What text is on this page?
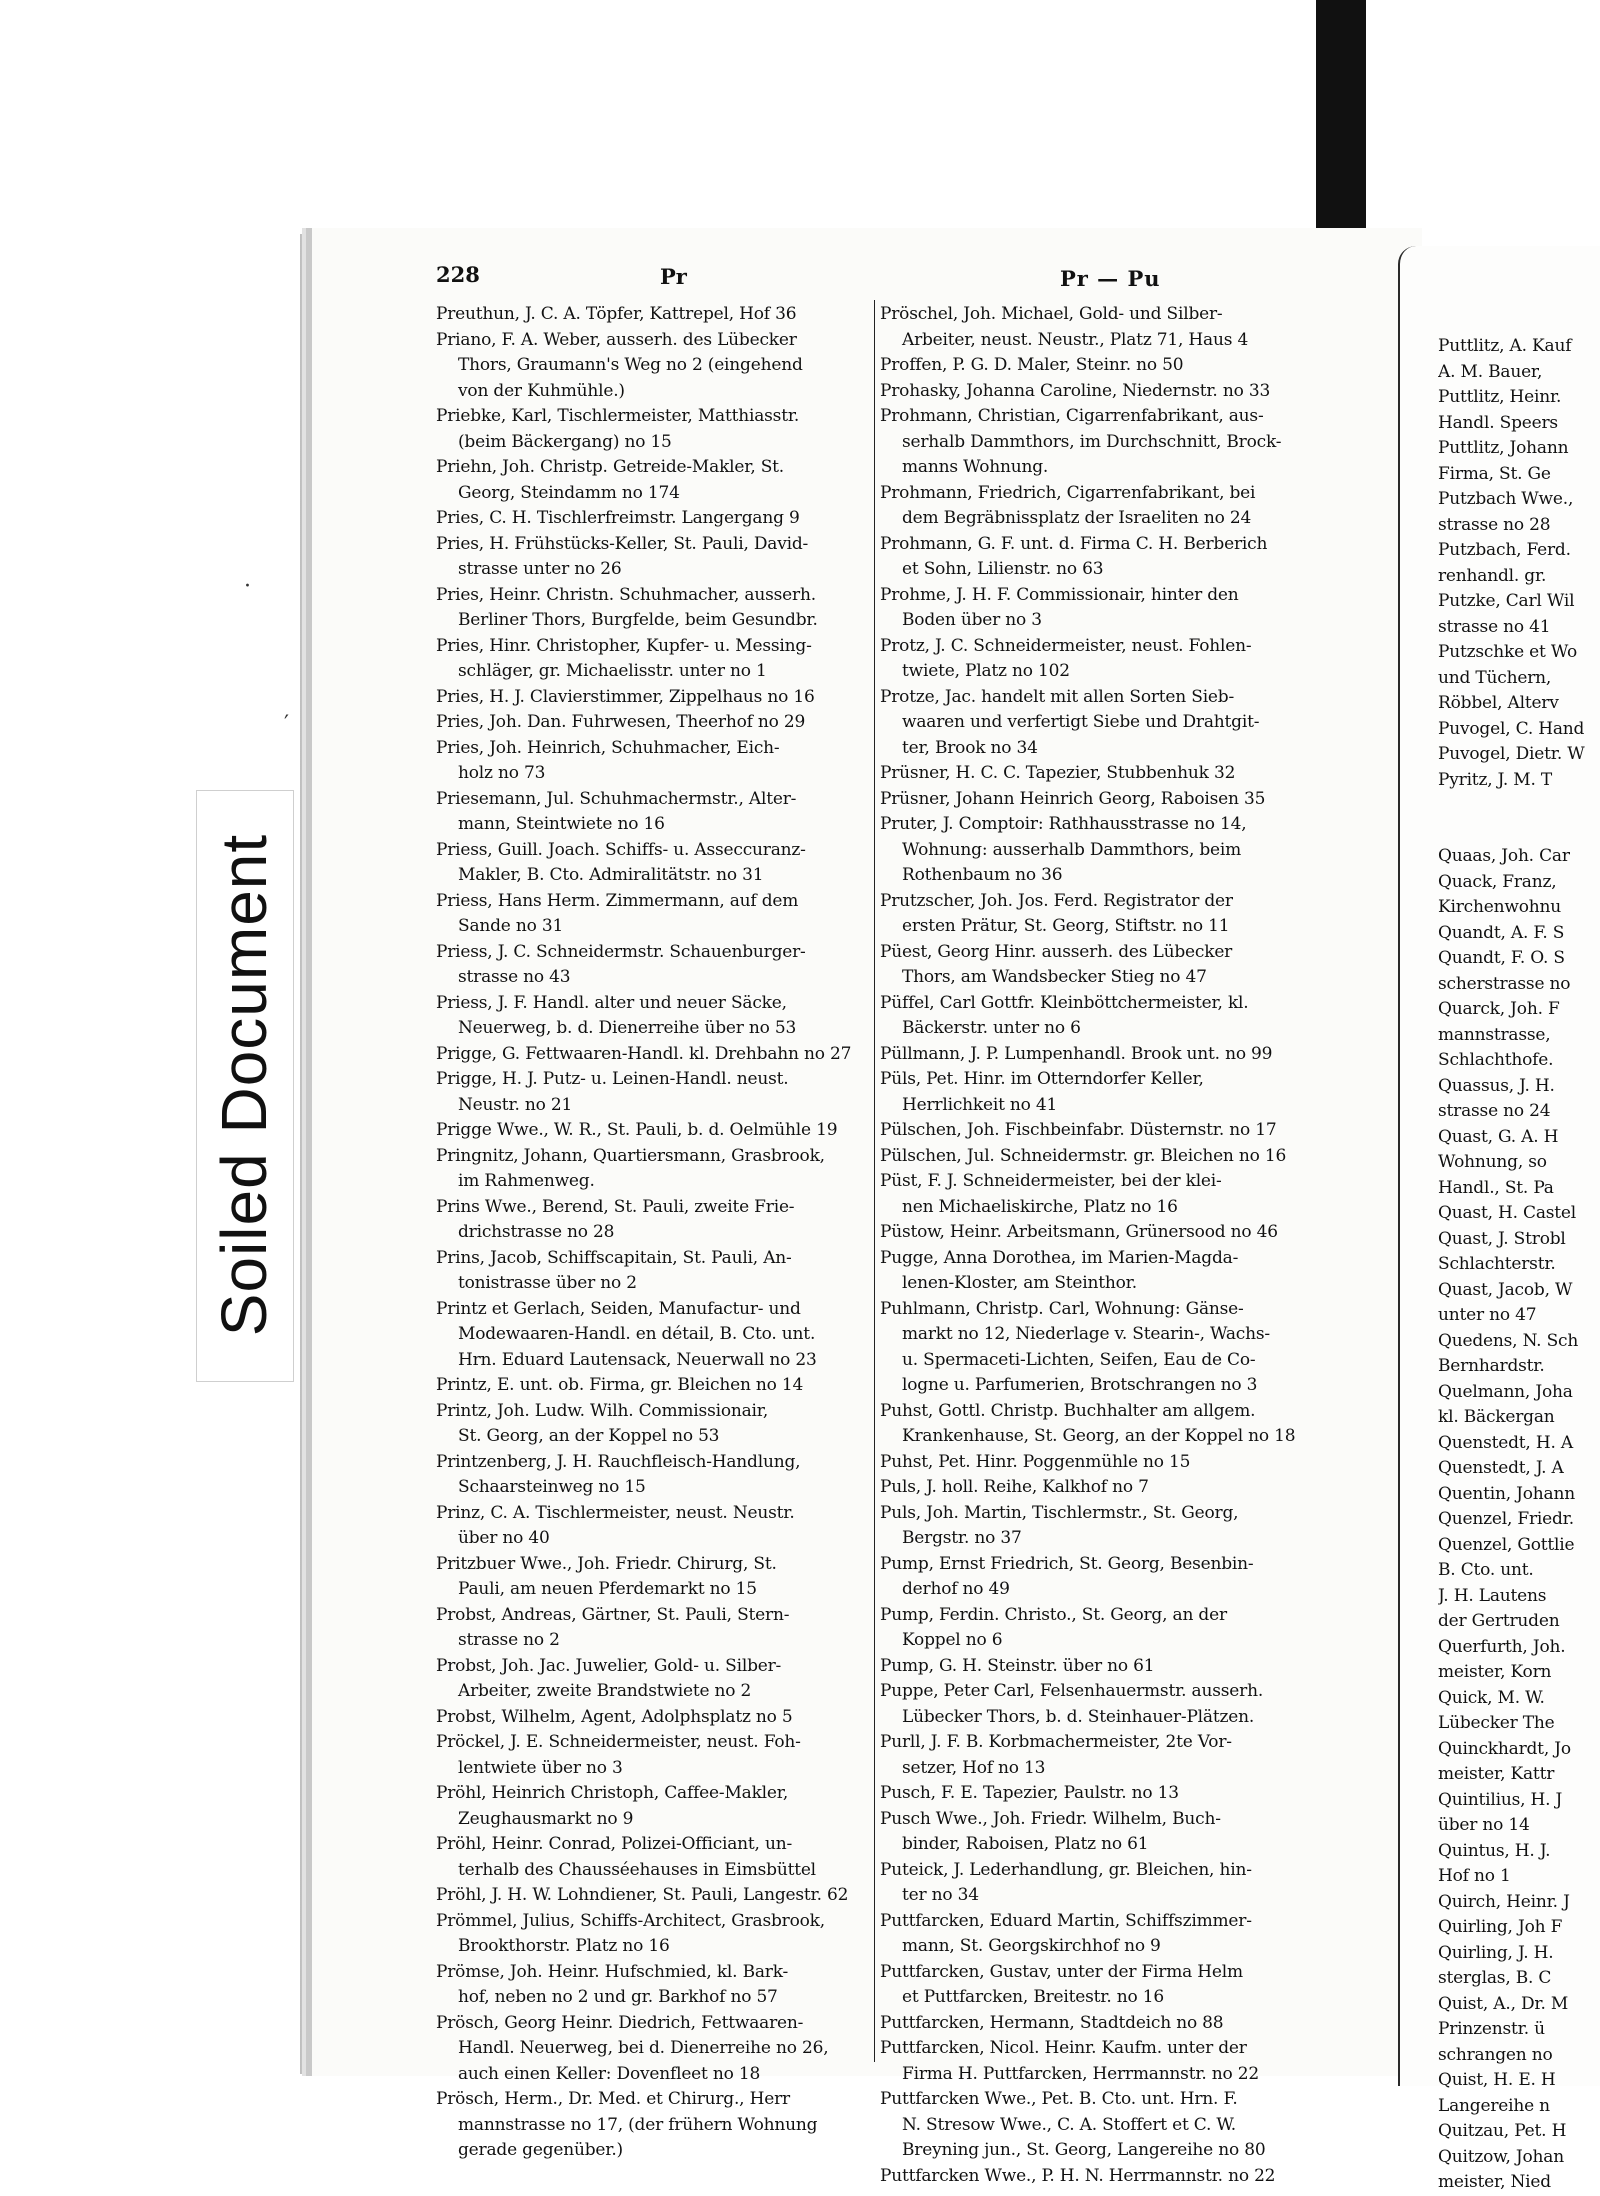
Soiled Document
228	Pr	Pr — Pu
Preuthun, J. C. A. Töpfer, Kattrepel, Hof 36
Priano, F. A. Weber, ausserh. des Lübecker
Thors, Graumann's Weg no 2 (eingehend
von der Kuhmühle.)
Priebke, Karl, Tischlermeister, Matthiasstr.
(beim Bäckergang) no 15
Priehn, Joh. Christp. Getreide-Makler, St.
Georg, Steindamm no 174
Pries, C. H. Tischlerfreimstr. Langergang 9
Pries, H. Frühstücks-Keller, St. Pauli, David-
strasse unter no 26
Pries, Heinr. Christn. Schuhmacher, ausserh.
Berliner Thors, Burgfelde, beim Gesundbr.
Pries, Hinr. Christopher, Kupfer- u. Messing-
schläger, gr. Michaelisstr. unter no 1
Pries, H. J. Clavierstimmer, Zippelhaus no 16
Pries, Joh. Dan. Fuhrwesen, Theerhof no 29
Pries, Joh. Heinrich, Schuhmacher, Eich-
holz no 73
Priesemann, Jul. Schuhmachermstr., Alter-
mann, Steintwiete no 16
Priess, Guill. Joach. Schiffs- u. Asseccuranz-
Makler, B. Cto. Admiralitätstr. no 31
Priess, Hans Herm. Zimmermann, auf dem
Sande no 31
Priess, J. C. Schneidermstr. Schauenburger-
strasse no 43
Priess, J. F. Handl. alter und neuer Säcke,
Neuerweg, b. d. Dienerreihe über no 53
Prigge, G. Fettwaaren-Handl. kl. Drehbahn no 27
Prigge, H. J. Putz- u. Leinen-Handl. neust.
Neustr. no 21
Prigge Wwe., W. R., St. Pauli, b. d. Oelmühle 19
Pringnitz, Johann, Quartiersmann, Grasbrook,
im Rahmenweg.
Prins Wwe., Berend, St. Pauli, zweite Frie-
drichstrasse no 28
Prins, Jacob, Schiffscapitain, St. Pauli, An-
tonistrasse über no 2
Printz et Gerlach, Seiden, Manufactur- und
Modewaaren-Handl. en détail, B. Cto. unt.
Hrn. Eduard Lautensack, Neuerwall no 23
Printz, E. unt. ob. Firma, gr. Bleichen no 14
Printz, Joh. Ludw. Wilh. Commissionair,
St. Georg, an der Koppel no 53
Printzenberg, J. H. Rauchfleisch-Handlung,
Schaarsteinweg no 15
Prinz, C. A. Tischlermeister, neust. Neustr.
über no 40
Pritzbuer Wwe., Joh. Friedr. Chirurg, St.
Pauli, am neuen Pferdemarkt no 15
Probst, Andreas, Gärtner, St. Pauli, Stern-
strasse no 2
Probst, Joh. Jac. Juwelier, Gold- u. Silber-
Arbeiter, zweite Brandstwiete no 2
Probst, Wilhelm, Agent, Adolphsplatz no 5
Pröckel, J. E. Schneidermeister, neust. Foh-
lentwiete über no 3
Pröhl, Heinrich Christoph, Caffee-Makler,
Zeughausmarkt no 9
Pröhl, Heinr. Conrad, Polizei-Officiant, un-
terhalb des Chausséehauses in Eimsbüttel
Pröhl, J. H. W. Lohndiener, St. Pauli, Langestr. 62
Prömmel, Julius, Schiffs-Architect, Grasbrook,
Brookthorstr. Platz no 16
Prömse, Joh. Heinr. Hufschmied, kl. Bark-
hof, neben no 2 und gr. Barkhof no 57
Prösch, Georg Heinr. Diedrich, Fettwaaren-
Handl. Neuerweg, bei d. Dienerreihe no 26,
auch einen Keller: Dovenfleet no 18
Prösch, Herm., Dr. Med. et Chirurg., Herr
mannstrasse no 17, (der frühern Wohnung
gerade gegenüber.)
Pröschel, Joh. Michael, Gold- und Silber-
Arbeiter, neust. Neustr., Platz 71, Haus 4
Proffen, P. G. D. Maler, Steinr. no 50
Prohasky, Johanna Caroline, Niedernstr. no 33
Prohmann, Christian, Cigarrenfabrikant, aus-
serhalb Dammthors, im Durchschnitt, Brock-
manns Wohnung.
Prohmann, Friedrich, Cigarrenfabrikant, bei
dem Begräbnissplatz der Israeliten no 24
Prohmann, G. F. unt. d. Firma C. H. Berberich
et Sohn, Lilienstr. no 63
Prohme, J. H. F. Commissionair, hinter den
Boden über no 3
Protz, J. C. Schneidermeister, neust. Fohlen-
twiete, Platz no 102
Protze, Jac. handelt mit allen Sorten Sieb-
waaren und verfertigt Siebe und Drahtgit-
ter, Brook no 34
Prüsner, H. C. C. Tapezier, Stubbenhuk 32
Prüsner, Johann Heinrich Georg, Raboisen 35
Pruter, J. Comptoir: Rathhausstrasse no 14,
Wohnung: ausserhalb Dammthors, beim
Rothenbaum no 36
Prutzscher, Joh. Jos. Ferd. Registrator der
ersten Prätur, St. Georg, Stiftstr. no 11
Püest, Georg Hinr. ausserh. des Lübecker
Thors, am Wandsbecker Stieg no 47
Püffel, Carl Gottfr. Kleinböttchermeister, kl.
Bäckerstr. unter no 6
Püllmann, J. P. Lumpenhandl. Brook unt. no 99
Püls, Pet. Hinr. im Otterndorfer Keller,
Herrlichkeit no 41
Pülschen, Joh. Fischbeinfabr. Düsternstr. no 17
Pülschen, Jul. Schneidermstr. gr. Bleichen no 16
Püst, F. J. Schneidermeister, bei der klei-
nen Michaeliskirche, Platz no 16
Püstow, Heinr. Arbeitsmann, Grünersood no 46
Pugge, Anna Dorothea, im Marien-Magda-
lenen-Kloster, am Steinthor.
Puhlmann, Christp. Carl, Wohnung: Gänse-
markt no 12, Niederlage v. Stearin-, Wachs-
u. Spermaceti-Lichten, Seifen, Eau de Co-
logne u. Parfumerien, Brotschrangen no 3
Puhst, Gottl. Christp. Buchhalter am allgem.
Krankenhause, St. Georg, an der Koppel no 18
Puhst, Pet. Hinr. Poggenmühle no 15
Puls, J. holl. Reihe, Kalkhof no 7
Puls, Joh. Martin, Tischlermstr., St. Georg,
Bergstr. no 37
Pump, Ernst Friedrich, St. Georg, Besenbin-
derhof no 49
Pump, Ferdin. Christo., St. Georg, an der
Koppel no 6
Pump, G. H. Steinstr. über no 61
Puppe, Peter Carl, Felsenhauermstr. ausserh.
Lübecker Thors, b. d. Steinhauer-Plätzen.
Purll, J. F. B. Korbmachermeister, 2te Vor-
setzer, Hof no 13
Pusch, F. E. Tapezier, Paulstr. no 13
Pusch Wwe., Joh. Friedr. Wilhelm, Buch-
binder, Raboisen, Platz no 61
Puteick, J. Lederhandlung, gr. Bleichen, hin-
ter no 34
Puttfarcken, Eduard Martin, Schiffszimmer-
mann, St. Georgskirchhof no 9
Puttfarcken, Gustav, unter der Firma Helm
et Puttfarcken, Breitestr. no 16
Puttfarcken, Hermann, Stadtdeich no 88
Puttfarcken, Nicol. Heinr. Kaufm. unter der
Firma H. Puttfarcken, Herrmannstr. no 22
Puttfarcken Wwe., Pet. B. Cto. unt. Hrn. F.
N. Stresow Wwe., C. A. Stoffert et C. W.
Breyning jun., St. Georg, Langereihe no 80
Puttfarcken Wwe., P. H. N. Herrmannstr. no 22
Puttlitz, A. Kauf
A. M. Bauer,
Puttlitz, Heinr.
Handl. Speers
Puttlitz, Johann
Firma, St. Ge
Putzbach Wwe.,
strasse no 28
Putzbach, Ferd.
renhandl. gr.
Putzke, Carl Wil
strasse no 41
Putzschke et Wo
und Tüchern,
Röbbel, Alterv
Puvogel, C. Hand
Puvogel, Dietr. W
Pyritz, J. M. T

Quaas, Joh. Car
Quack, Franz,
Kirchenwohnu
Quandt, A. F. S
Quandt, F. O. S
scherstrasse no
Quarck, Joh. F
mannstrasse,
Schlachthofe.
Quassus, J. H.
strasse no 24
Quast, G. A. H
Wohnung, so
Handl., St. Pa
Quast, H. Castel
Quast, J. Strobl
Schlachterstr.
Quast, Jacob, W
unter no 47
Quedens, N. Sch
Bernhardstr.
Quelmann, Joha
kl. Bäckergan
Quenstedt, H. A
Quenstedt, J. A
Quentin, Johann
Quenzel, Friedr.
Quenzel, Gottlie
B. Cto. unt.
J. H. Lautens
der Gertruden
Querfurth, Joh.
meister, Korn
Quick, M. W.
Lübecker The
Quinckhardt, Jo
meister, Kattr
Quintilius, H. J
über no 14
Quintus, H. J.
Hof no 1
Quirch, Heinr. J
Quirling, Joh F
Quirling, J. H.
sterglas, B. C
Quist, A., Dr. M
Prinzenstr. ü
schrangen no
Quist, H. E. H
Langereihe n
Quitzau, Pet. H
Quitzow, Johan
meister, Nied
·
′
